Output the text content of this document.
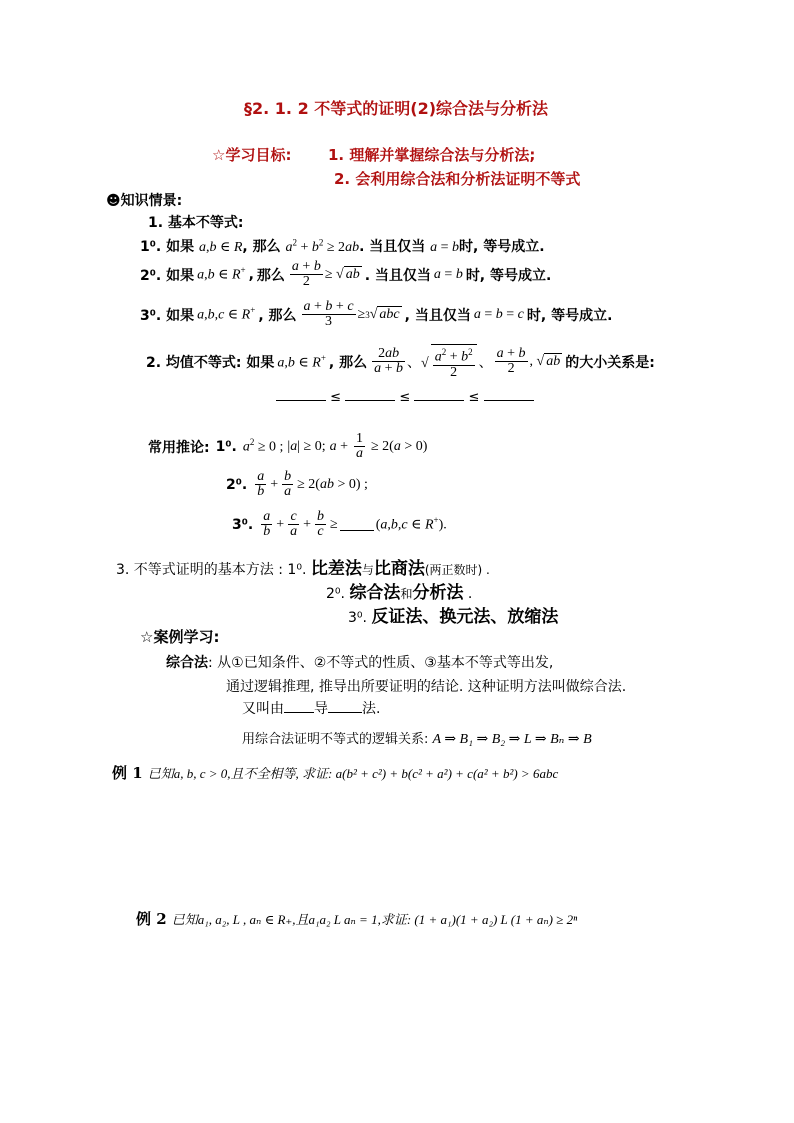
§2. 1. 2 不等式的证明(2)综合法与分析法
☆学习目标: 1. 理解并掌握综合法与分析法;
2. 会利用综合法和分析法证明不等式
☻知识情景:
1. 基本不等式:
1⁰. 如果 a,b ∈ R, 那么 $a^2 + b^2 \ge 2ab$. 当且仅当 a = b时, 等号成立.
2⁰. 如果 a,b ∈ R+ , 那么 $\frac{a + b}{2}$ ≥ √ ab . 当且仅当 a = b 时, 等号成立.
3⁰. 如果 a,b,c ∈ R+ , 那么 $\frac{a + b + c}{3} \ge 3$ √ abc , 当且仅当 a = b = c 时, 等号成立.
2. 均值不等式: 如果 a,b ∈ R+ , 那么 $\frac{2ab}{a + b}$ 、√ $\frac{a^2 + b^2}{2}$ 、 $\frac{a + b}{2}$ , √ ab 的大小关系是:
≤	≤	≤
常用推论: 1⁰. $a^2 \ge 0$ ; |a| ≥ 0; $a + \frac{1}{a} \ge 2(a > 0)$
2⁰. $\frac{a}{b} + \frac{b}{a} \ge 2(ab > 0)$ ;
3⁰. $\frac{a}{b} + \frac{c}{a} + \frac{b}{c}$ ≥	(a,b,c ∈ R+).
3. 不等式证明的基本方法 : 1⁰. 比差法与比商法(两正数时) .
2⁰. 综合法和分析法 .
3⁰. 反证法、换元法、放缩法
☆案例学习:
综合法: 从①已知条件、②不等式的性质、③基本不等式等出发,
通过逻辑推理, 推导出所要证明的结论. 这种证明方法叫做综合法.
又叫由 导 法.
用综合法证明不等式的逻辑关系: A ⇒ B₁ ⇒ B₂ ⇒ L ⇒ Bₙ ⇒ B
例 1 已知a, b, c > 0,且不全相等, 求证: a(b² + c²) + b(c² + a²) + c(a² + b²) > 6abc
例 2 已知a₁, a₂, L , aₙ ∈ R₊,且a₁a₂ L aₙ = 1,求证: (1 + a₁)(1 + a₂) L (1 + aₙ) ≥ 2ⁿ
